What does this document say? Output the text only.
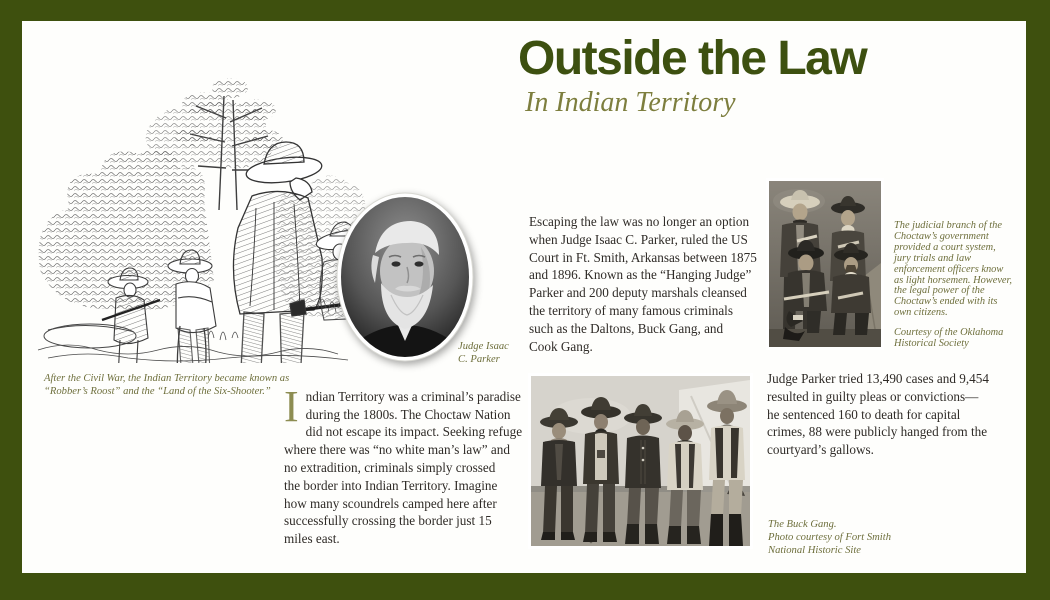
Outside the Law
In Indian Territory
Judge Isaac
C. Parker
After the Civil War, the Indian Territory became known as
“Robber’s Roost” and the “Land of the Six-Shooter.” Indian Territory was a criminal’s paradise
during the 1800s. The Choctaw Nation
did not escape its impact. Seeking refuge
where there was “no white man’s law” and
no extradition, criminals simply crossed
the border into Indian Territory. Imagine
how many scoundrels camped here after
successfully crossing the border just 15
miles east.

Escaping the law was no longer an option
when Judge Isaac C. Parker, ruled the US
Court in Ft. Smith, Arkansas between 1875
and 1896. Known as the “Hanging Judge”
Parker and 200 deputy marshals cleansed
the territory of many famous criminals
such as the Daltons, Buck Gang, and
Cook Gang.
The judicial branch of the
Choctaw’s government
provided a court system,
jury trials and law
enforcement officers know
as light horsemen. However,
the legal power of the
Choctaw’s ended with its
own citizens.
Courtesy of the Oklahoma
Historical Society
Judge Parker tried 13,490 cases and 9,454
resulted in guilty pleas or convictions—
he sentenced 160 to death for capital
crimes, 88 were publicly hanged from the
courtyard’s gallows.
The Buck Gang.
Photo courtesy of Fort Smith
National Historic Site
